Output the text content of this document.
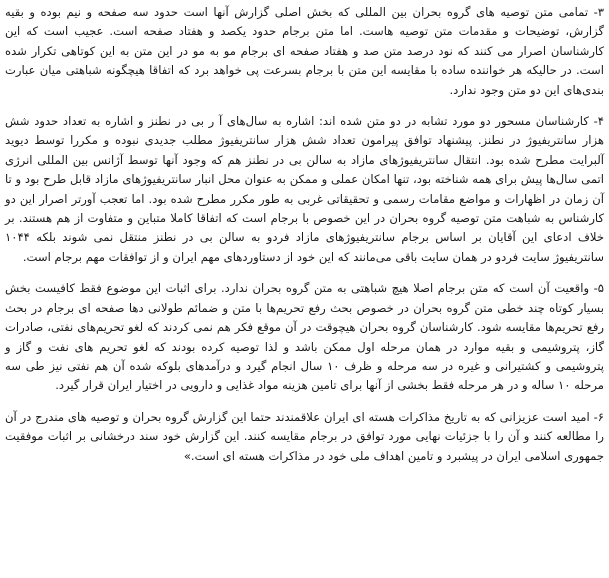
۳- تمامی متن توصیه های گروه بحران بین المللی که بخش اصلی گزارش آنها است حدود سه صفحه و نیم بوده و بقیه گزارش، توضیحات و مقدمات متن توصیه هاست. اما متن برجام حدود یکصد و هفتاد صفحه است. عجیب است که این کارشناسان اصرار می کنند که نود درصد متن صد و هفتاد صفحه ای برجام مو به مو در این متن به این کوتاهی تکرار شده است. در حالیکه هر خواننده ساده با مقایسه این متن با برجام بسرعت پی خواهد برد که اتفاقا هیچگونه شباهتی میان عبارت بندی‌های این دو متن وجود ندارد.

۴- کارشناسان مسحور دو مورد تشابه در دو متن شده اند: اشاره به سال‌های آ ر بی در نطنز و اشاره به تعداد حدود شش هزار سانتریفیوژ در نطنز. پیشنهاد توافق پیرامون تعداد شش هزار سانتریفیوژ مطلب جدیدی نبوده و مکررا توسط دیوید آلبرایت مطرح شده بود. انتقال سانتریفیوژهای مازاد به سالن بی در نطنز هم که وجود آنها توسط آژانس بین المللی انرژی اتمی سال‌ها پیش برای همه شناخته بود، تنها امکان عملی و ممکن به عنوان محل انبار سانتریفیوژهای مازاد قابل طرح بود و تا آن زمان در اظهارات و مواضع مقامات رسمی و تحقیقاتی غربی به طور مکرر مطرح شده بود. اما تعجب آورتر اصرار این دو کارشناس به شباهت متن توصیه گروه بحران در این خصوص با برجام است که اتفاقا کاملا متباین و متفاوت از هم هستند. بر خلاف ادعای این آقایان بر اساس برجام سانتریفیوژهای مازاد فردو به سالن بی در نطنز منتقل نمی شوند بلکه ۱۰۴۴ سانتریفیوژ سایت فردو در همان سایت باقی می‌مانند که این خود از دستاوردهای مهم ایران و از توافقات مهم برجام است.

۵- واقعیت آن است که متن برجام اصلا هیچ شباهتی به متن گروه بحران ندارد. برای اثبات این موضوع فقط کافیست بخش بسیار کوتاه چند خطی متن گروه بحران در خصوص بحث رفع تحریم‌ها با متن و ضمائم طولانی دها صفحه ای برجام در بحث رفع تحریم‌ها مقایسه شود. کارشناسان گروه بحران هیچوقت در آن موقع فکر هم نمی کردند که لغو تحریم‌های نفتی، صادرات گاز، پتروشیمی و بقیه موارد در همان مرحله اول ممکن باشد و لذا توصیه کرده بودند که لغو تحریم های نفت و گاز و پتروشیمی و کشتیرانی و غیره در سه مرحله و ظرف ۱۰ سال انجام گیرد و درآمدهای بلوکه شده آن هم نفتی نیز طی سه مرحله ۱۰ ساله و در هر مرحله فقط بخشی از آنها برای تامین هزینه مواد غذایی و دارویی در اختیار ایران قرار گیرد.

۶- امید است عزیزانی که به تاریخ مذاکرات هسته ای ایران علاقمندند حتما این گزارش گروه بحران و توصیه های مندرج در آن را مطالعه کنند و آن را با جزئیات نهایی مورد توافق در برجام مقایسه کنند. این گزارش خود سند درخشانی بر اثبات موفقیت جمهوری اسلامی ایران در پیشبرد و تامین اهداف ملی خود در مذاکرات هسته ای است.»
